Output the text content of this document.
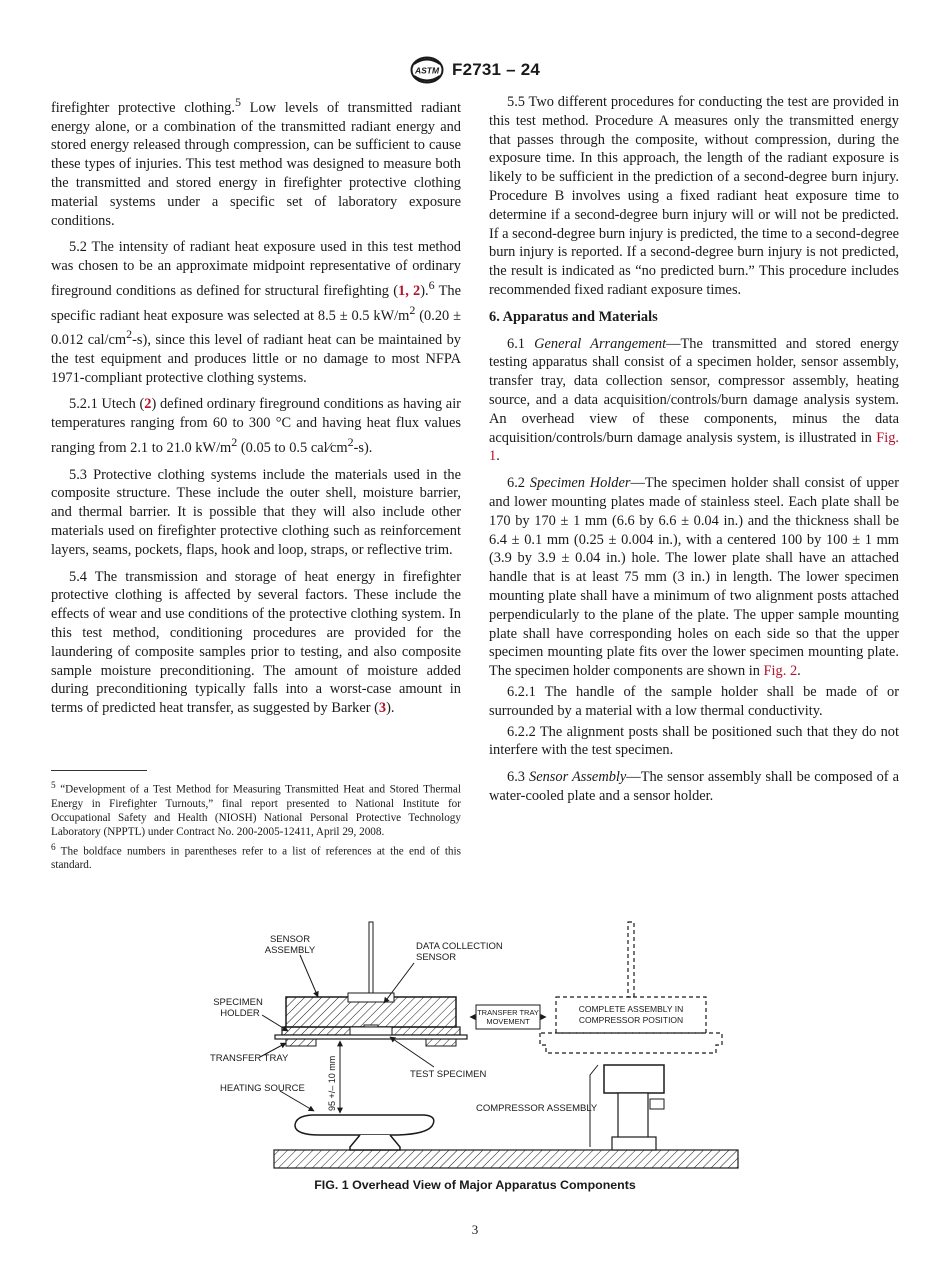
ASTM F2731 – 24

firefighter protective clothing.$^5$ Low levels of transmitted radiant energy alone, or a combination of the transmitted radiant energy and stored energy released through compression, can be sufficient to cause these types of injuries. This test method was designed to measure both the transmitted and stored energy in firefighter protective clothing material systems under a specific set of laboratory exposure conditions.

5.2 The intensity of radiant heat exposure used in this test method was chosen to be an approximate midpoint representative of ordinary fireground conditions as defined for structural firefighting (1, 2).$^6$ The specific radiant heat exposure was selected at 8.5 ± 0.5 $kW/m^2$ (0.20 ± 0.012 cal/$cm^2-s$), since this level of radiant heat can be maintained by the test equipment and produces little or no damage to most NFPA 1971-compliant protective clothing systems.

5.2.1 Utech (2) defined ordinary fireground conditions as having air temperatures ranging from 60 to 300 °C and having heat flux values ranging from 2.1 to 21.0 $kW/m^2$ (0.05 to 0.5 $cal⁄cm^2-s$).

5.3 Protective clothing systems include the materials used in the composite structure. These include the outer shell, moisture barrier, and thermal barrier. It is possible that they will also include other materials used on firefighter protective clothing such as reinforcement layers, seams, pockets, flaps, hook and loop, straps, or reflective trim.

5.4 The transmission and storage of heat energy in firefighter protective clothing is affected by several factors. These include the effects of wear and use conditions of the protective clothing system. In this test method, conditioning procedures are provided for the laundering of composite samples prior to testing, and also composite sample moisture preconditioning. The amount of moisture added during preconditioning typically falls into a worst-case amount in terms of predicted heat transfer, as suggested by Barker (3).

$^5$ “Development of a Test Method for Measuring Transmitted Heat and Stored Thermal Energy in Firefighter Turnouts,” final report presented to National Institute for Occupational Safety and Health (NIOSH) National Personal Protective Technology Laboratory (NPPTL) under Contract No. 200-2005-12411, April 29, 2008.

$^6$ The boldface numbers in parentheses refer to a list of references at the end of this standard.

5.5 Two different procedures for conducting the test are provided in this test method. Procedure A measures only the transmitted energy that passes through the composite, without compression, during the exposure time. In this approach, the length of the radiant exposure is likely to be sufficient in the prediction of a second-degree burn injury. Procedure B involves using a fixed radiant heat exposure time to determine if a second-degree burn injury will or will not be predicted. If a second-degree burn injury is predicted, the time to a second-degree burn injury is reported. If a second-degree burn injury is not predicted, the result is indicated as “no predicted burn.” This procedure includes recommended fixed radiant exposure times.

6. Apparatus and Materials

6.1 General Arrangement—The transmitted and stored energy testing apparatus shall consist of a specimen holder, sensor assembly, transfer tray, data collection sensor, compressor assembly, heating source, and a data acquisition/controls/burn damage analysis system. An overhead view of these components, minus the data acquisition/controls/burn damage analysis system, is illustrated in Fig. 1.

6.2 Specimen Holder—The specimen holder shall consist of upper and lower mounting plates made of stainless steel. Each plate shall be 170 by 170 ± 1 mm (6.6 by 6.6 ± 0.04 in.) and the thickness shall be 6.4 ± 0.1 mm (0.25 ± 0.004 in.), with a centered 100 by 100 ± 1 mm (3.9 by 3.9 ± 0.04 in.) hole. The lower plate shall have an attached handle that is at least 75 mm (3 in.) in length. The lower specimen mounting plate shall have a minimum of two alignment posts attached perpendicularly to the plane of the plate. The upper sample mounting plate shall have corresponding holes on each side so that the upper specimen mounting plate fits over the lower specimen mounting plate. The specimen holder components are shown in Fig. 2.

6.2.1 The handle of the sample holder shall be made of or surrounded by a material with a low thermal conductivity.

6.2.2 The alignment posts shall be positioned such that they do not interfere with the test specimen.

6.3 Sensor Assembly—The sensor assembly shall be composed of a water-cooled plate and a sensor holder.

TRANSFER TRAY
MOVEMENT
COMPLETE ASSEMBLY IN
COMPRESSOR POSITION
95 +/– 10 mm
SENSOR
ASSEMBLY	DATA COLLECTION
SENSOR
SPECIMEN
HOLDER
TRANSFER TRAY
TEST SPECIMEN
HEATING SOURCE
COMPRESSOR ASSEMBLY
FIG. 1 Overhead View of Major Apparatus Components
3
